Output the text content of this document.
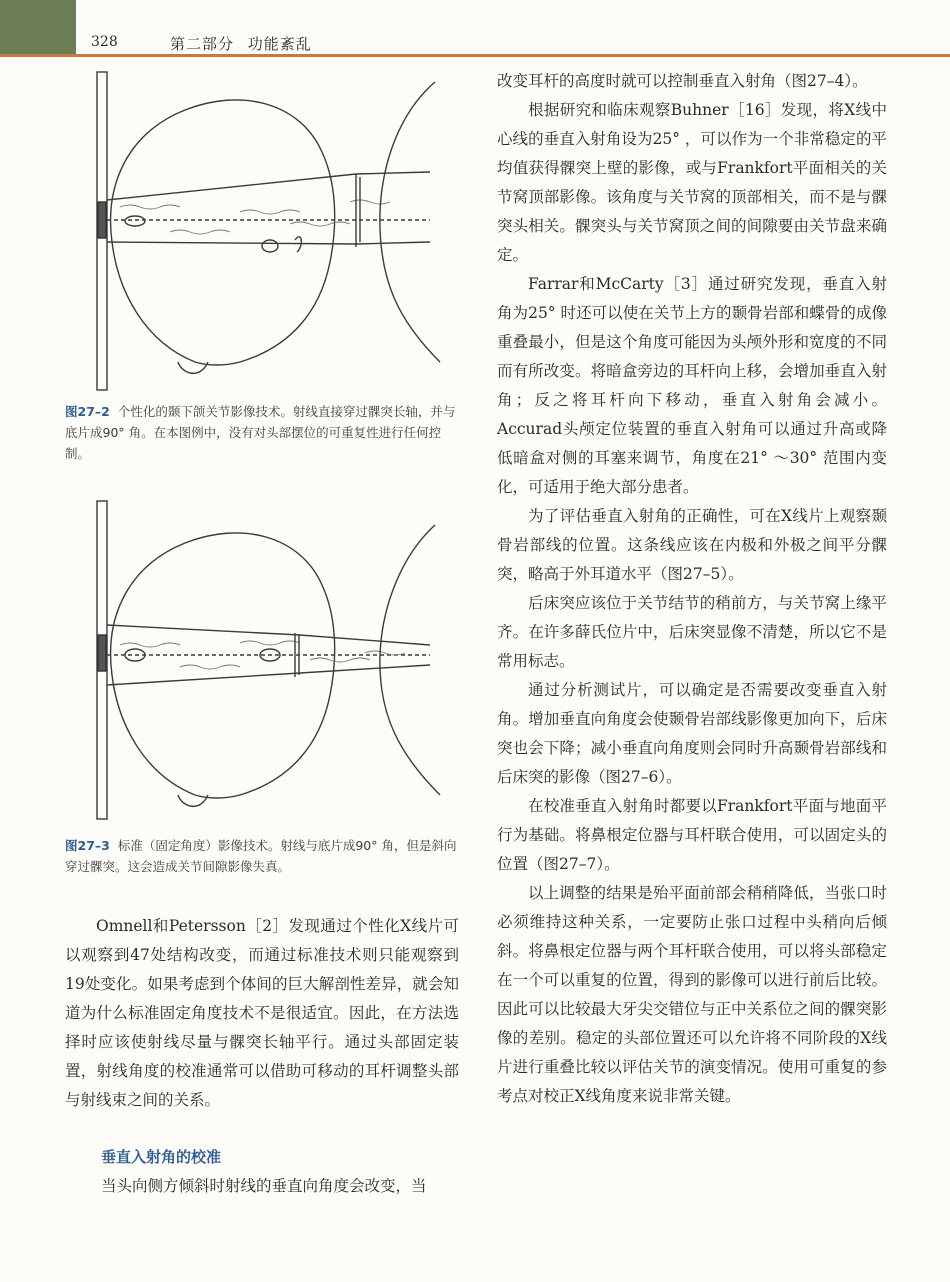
328	第二部分 功能紊乱
图27–2 个性化的颞下颌关节影像技术。射线直接穿过髁突长轴，并与底片成90° 角。在本图例中，没有对头部摆位的可重复性进行任何控制。
图27–3 标准（固定角度）影像技术。射线与底片成90° 角，但是斜向穿过髁突。这会造成关节间隙影像失真。

Omnell和Petersson［2］发现通过个性化X线片可以观察到47处结构改变，而通过标准技术则只能观察到19处变化。如果考虑到个体间的巨大解剖性差异，就会知道为什么标准固定角度技术不是很适宜。因此，在方法选择时应该使射线尽量与髁突长轴平行。通过头部固定装置，射线角度的校准通常可以借助可移动的耳杆调整头部与射线束之间的关系。

垂直入射角的校准
当头向侧方倾斜时射线的垂直向角度会改变，当

改变耳杆的高度时就可以控制垂直入射角（图27–4）。

根据研究和临床观察Buhner［16］发现，将X线中心线的垂直入射角设为25° ，可以作为一个非常稳定的平均值获得髁突上壁的影像，或与Frankfort平面相关的关节窝顶部影像。该角度与关节窝的顶部相关，而不是与髁突头相关。髁突头与关节窝顶之间的间隙要由关节盘来确定。

Farrar和McCarty［3］通过研究发现，垂直入射角为25° 时还可以使在关节上方的颞骨岩部和蝶骨的成像重叠最小，但是这个角度可能因为头颅外形和宽度的不同而有所改变。将暗盒旁边的耳杆向上移，会增加垂直入射角；反之将耳杆向下移动，垂直入射角会减小。Accurad头颅定位装置的垂直入射角可以通过升高或降低暗盒对侧的耳塞来调节，角度在21° ～30° 范围内变化，可适用于绝大部分患者。

为了评估垂直入射角的正确性，可在X线片上观察颞骨岩部线的位置。这条线应该在内极和外极之间平分髁突，略高于外耳道水平（图27–5）。

后床突应该位于关节结节的稍前方，与关节窝上缘平齐。在许多薛氏位片中，后床突显像不清楚，所以它不是常用标志。

通过分析测试片，可以确定是否需要改变垂直入射角。增加垂直向角度会使颞骨岩部线影像更加向下，后床突也会下降；减小垂直向角度则会同时升高颞骨岩部线和后床突的影像（图27–6）。

在校准垂直入射角时都要以Frankfort平面与地面平行为基础。将鼻根定位器与耳杆联合使用，可以固定头的位置（图27–7）。

以上调整的结果是殆平面前部会稍稍降低，当张口时必须维持这种关系，一定要防止张口过程中头稍向后倾斜。将鼻根定位器与两个耳杆联合使用，可以将头部稳定在一个可以重复的位置，得到的影像可以进行前后比较。因此可以比较最大牙尖交错位与正中关系位之间的髁突影像的差别。稳定的头部位置还可以允许将不同阶段的X线片进行重叠比较以评估关节的演变情况。使用可重复的参考点对校正X线角度来说非常关键。
